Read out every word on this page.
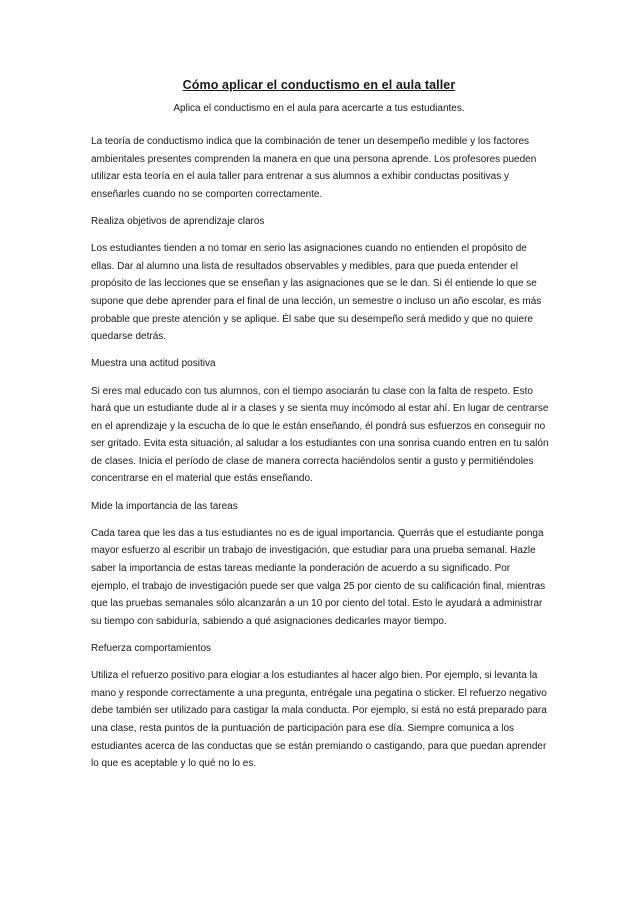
Cómo aplicar el conductismo en el aula taller
Aplica el conductismo en el aula para acercarte a tus estudiantes.

La teoría de conductismo indica que la combinación de tener un desempeño medible y los factores ambientales presentes comprenden la manera en que una persona aprende. Los profesores pueden utilizar esta teoría en el aula taller para entrenar a sus alumnos a exhibir conductas positivas y enseñarles cuando no se comporten correctamente.

Realiza objetivos de aprendizaje claros

Los estudiantes tienden a no tomar en serio las asignaciones cuando no entienden el propósito de ellas. Dar al alumno una lista de resultados observables y medibles, para que pueda entender el propósito de las lecciones que se enseñan y las asignaciones que se le dan. Si él entiende lo que se supone que debe aprender para el final de una lección, un semestre o incluso un año escolar, es más probable que preste atención y se aplique. Él sabe que su desempeño será medido y que no quiere quedarse detrás.

Muestra una actitud positiva

Si eres mal educado con tus alumnos, con el tiempo asociarán tu clase con la falta de respeto. Esto hará que un estudiante dude al ir a clases y se sienta muy incómodo al estar ahí. En lugar de centrarse en el aprendizaje y la escucha de lo que le están enseñando, él pondrá sus esfuerzos en conseguir no ser gritado. Evita esta situación, al saludar a los estudiantes con una sonrisa cuando entren en tu salón de clases. Inicia el período de clase de manera correcta haciéndolos sentir a gusto y permitiéndoles concentrarse en el material que estás enseñando.

Mide la importancia de las tareas

Cada tarea que les das a tus estudiantes no es de igual importancia. Querrás que el estudiante ponga mayor esfuerzo al escribir un trabajo de investigación, que estudiar para una prueba semanal. Hazle saber la importancia de estas tareas mediante la ponderación de acuerdo a su significado. Por ejemplo, el trabajo de investigación puede ser que valga 25 por ciento de su calificación final, mientras que las pruebas semanales sólo alcanzarán a un 10 por ciento del total. Esto le ayudará a administrar su tiempo con sabiduría, sabiendo a qué asignaciones dedicarles mayor tiempo.

Refuerza comportamientos

Utiliza el refuerzo positivo para elogiar a los estudiantes al hacer algo bien. Por ejemplo, si levanta la mano y responde correctamente a una pregunta, entrégale una pegatina o sticker. El refuerzo negativo debe también ser utilizado para castigar la mala conducta. Por ejemplo, si está no está preparado para una clase, resta puntos de la puntuación de participación para ese día. Siempre comunica a los estudiantes acerca de las conductas que se están premiando o castigando, para que puedan aprender lo que es aceptable y lo qué no lo es.
